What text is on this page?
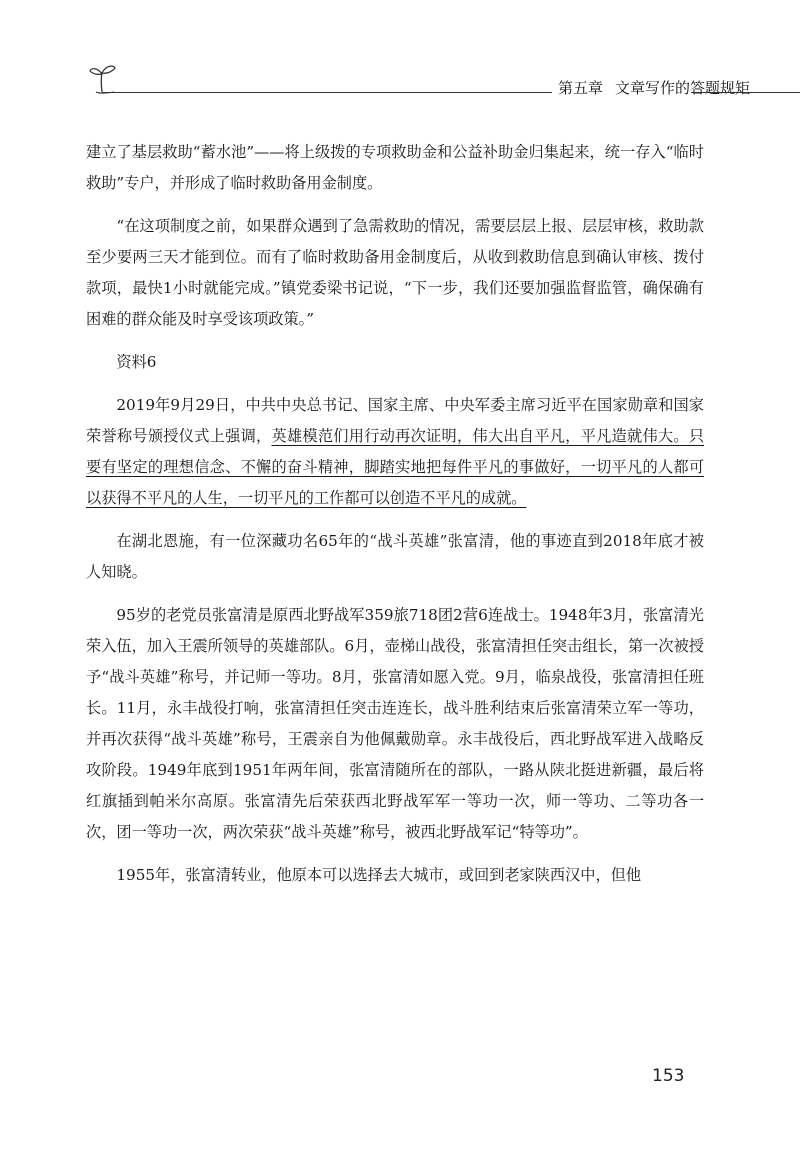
第五章 文章写作的答题规矩

建立了基层救助“蓄水池”——将上级拨的专项救助金和公益补助金归集起来，统一存入“临时救助”专户，并形成了临时救助备用金制度。

“在这项制度之前，如果群众遇到了急需救助的情况，需要层层上报、层层审核，救助款至少要两三天才能到位。而有了临时救助备用金制度后，从收到救助信息到确认审核、拨付款项，最快1小时就能完成。”镇党委梁书记说，“下一步，我们还要加强监督监管，确保确有困难的群众能及时享受该项政策。”

资料6

2019年9月29日，中共中央总书记、国家主席、中央军委主席习近平在国家勋章和国家荣誉称号颁授仪式上强调，英雄模范们用行动再次证明，伟大出自平凡，平凡造就伟大。只要有坚定的理想信念、不懈的奋斗精神，脚踏实地把每件平凡的事做好，一切平凡的人都可以获得不平凡的人生，一切平凡的工作都可以创造不平凡的成就。

在湖北恩施，有一位深藏功名65年的“战斗英雄”张富清，他的事迹直到2018年底才被人知晓。

95岁的老党员张富清是原西北野战军359旅718团2营6连战士。1948年3月，张富清光荣入伍，加入王震所领导的英雄部队。6月，壶梯山战役，张富清担任突击组长，第一次被授予“战斗英雄”称号，并记师一等功。8月，张富清如愿入党。9月，临泉战役，张富清担任班长。11月，永丰战役打响，张富清担任突击连连长，战斗胜利结束后张富清荣立军一等功，并再次获得“战斗英雄”称号，王震亲自为他佩戴勋章。永丰战役后，西北野战军进入战略反攻阶段。1949年底到1951年两年间，张富清随所在的部队，一路从陕北挺进新疆，最后将红旗插到帕米尔高原。张富清先后荣获西北野战军军一等功一次，师一等功、二等功各一次，团一等功一次，两次荣获“战斗英雄”称号，被西北野战军记“特等功”。

1955年，张富清转业，他原本可以选择去大城市，或回到老家陕西汉中，但他

153
